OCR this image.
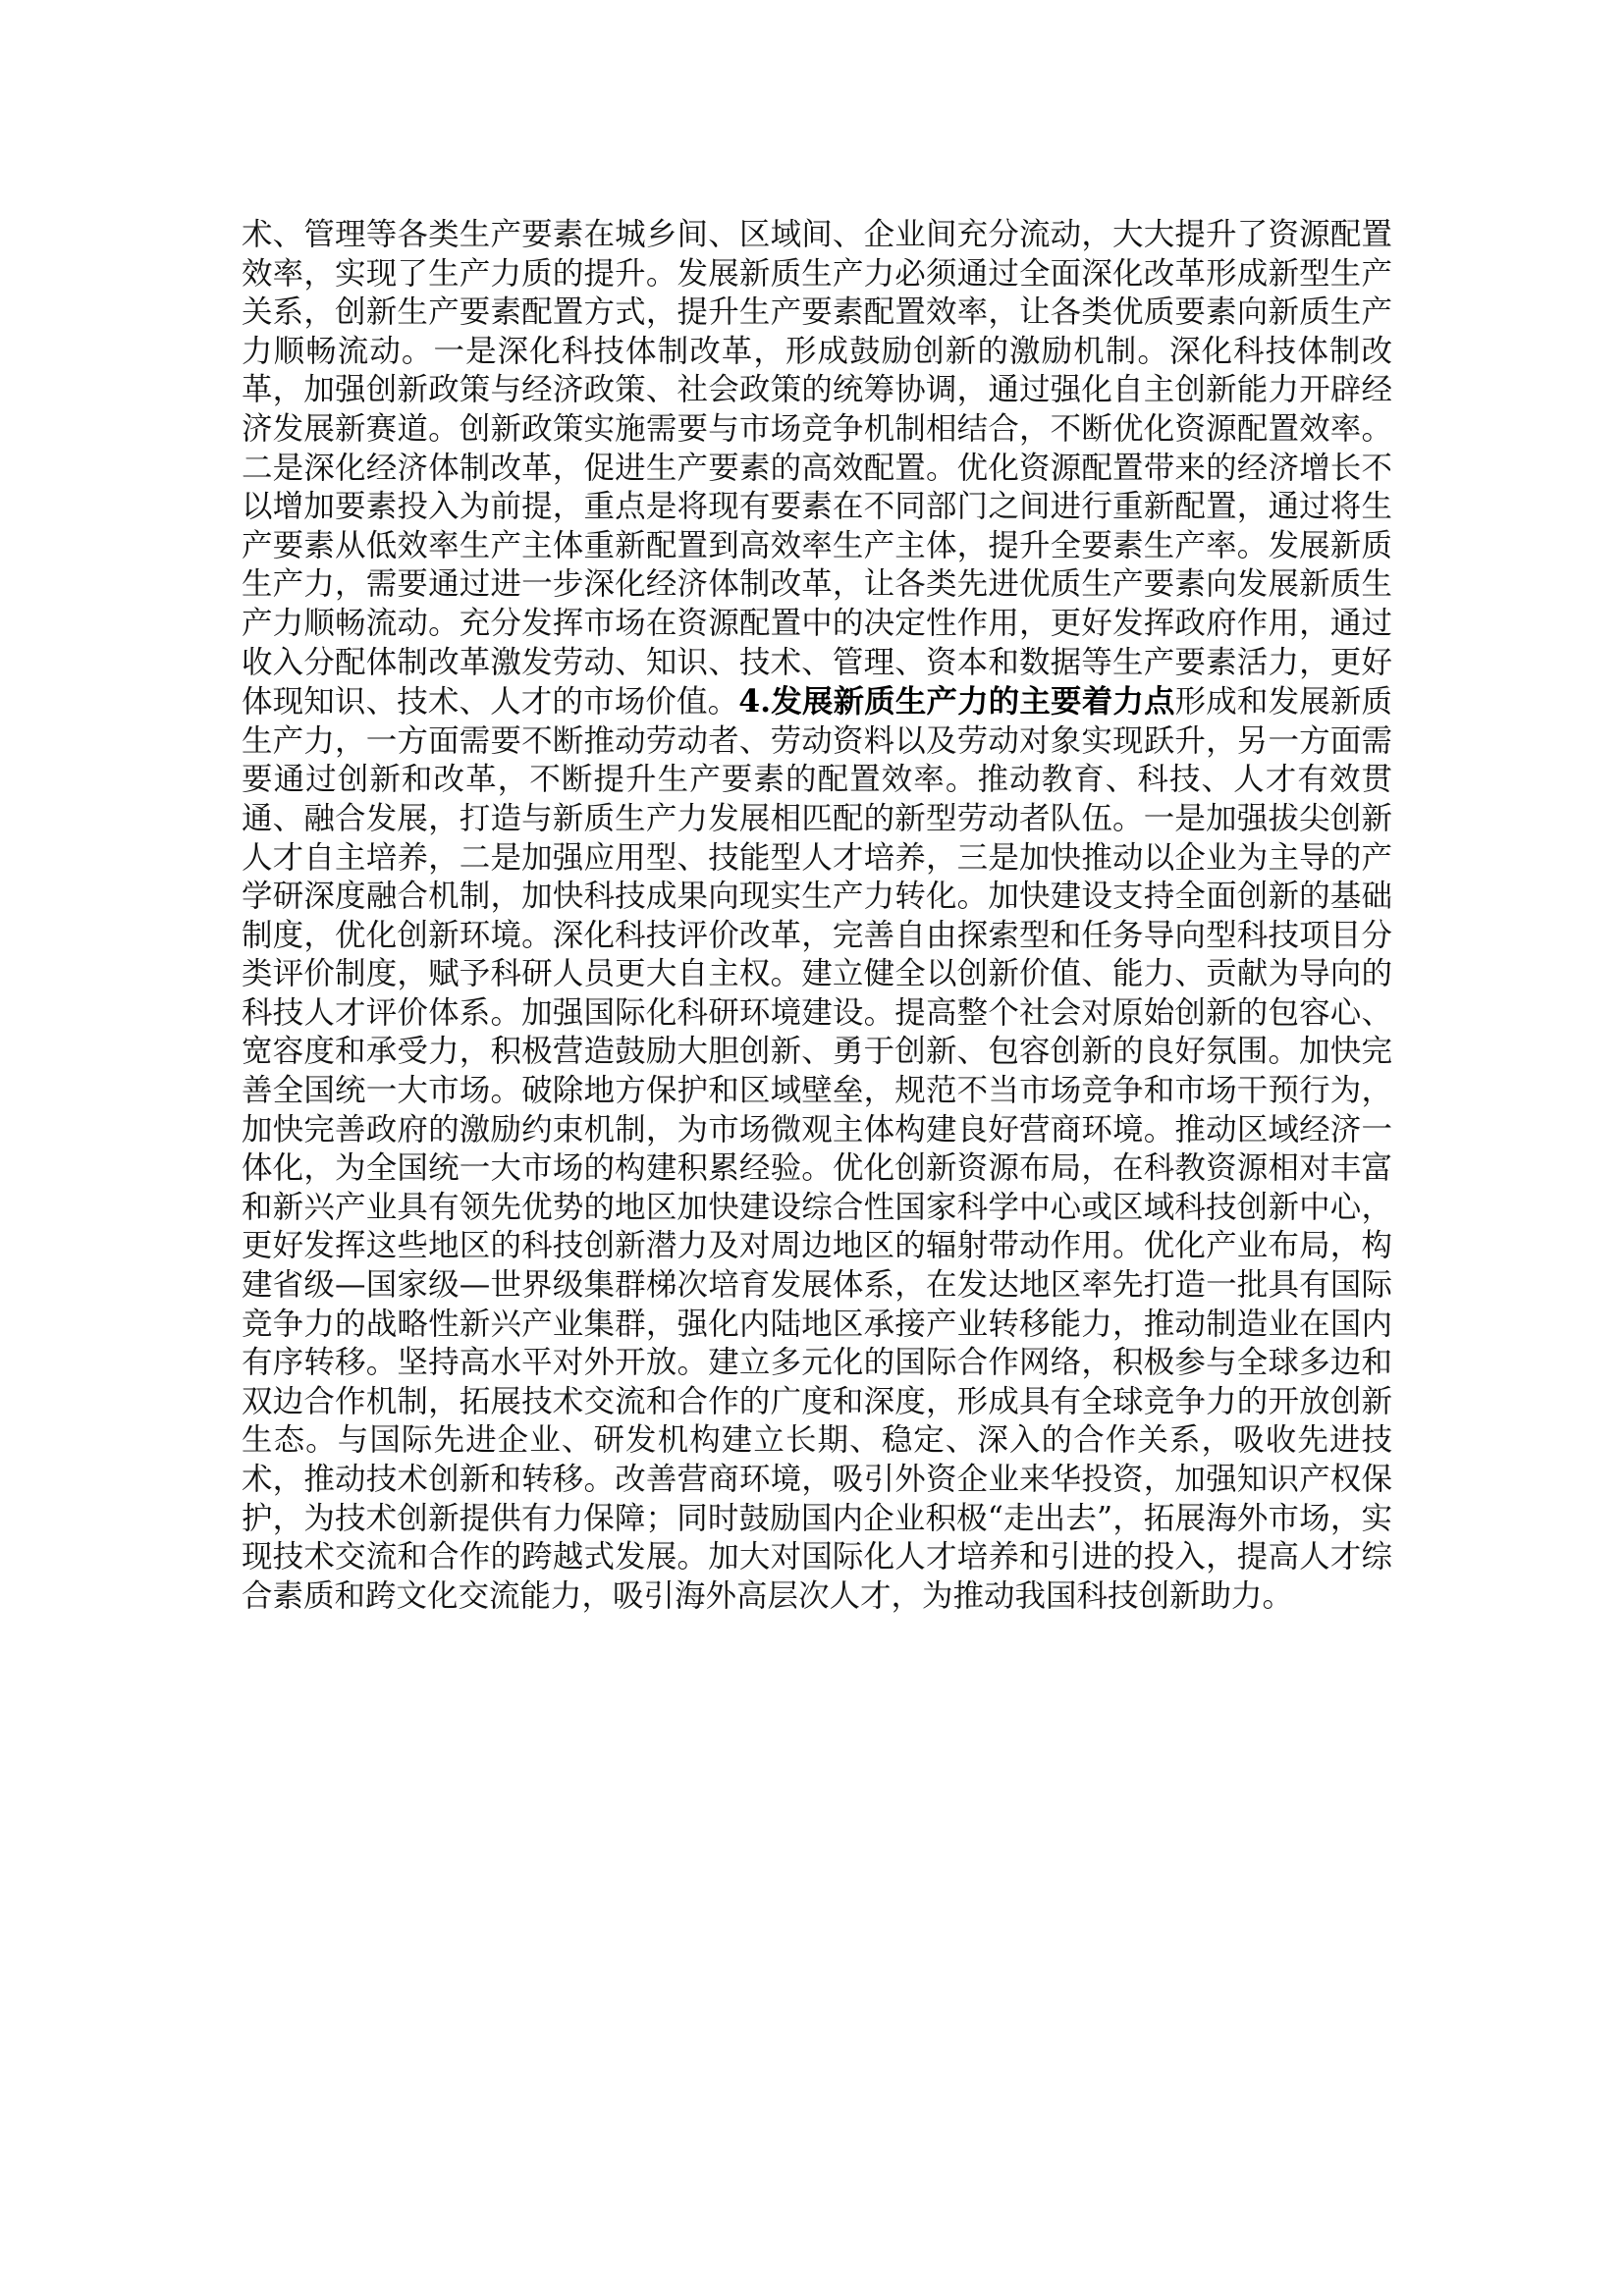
术、管理等各类生产要素在城乡间、区域间、企业间充分流动，大大提升了资源配置效率，实现了生产力质的提升。发展新质生产力必须通过全面深化改革形成新型生产关系，创新生产要素配置方式，提升生产要素配置效率，让各类优质要素向新质生产力顺畅流动。一是深化科技体制改革，形成鼓励创新的激励机制。深化科技体制改革，加强创新政策与经济政策、社会政策的统筹协调，通过强化自主创新能力开辟经济发展新赛道。创新政策实施需要与市场竞争机制相结合，不断优化资源配置效率。二是深化经济体制改革，促进生产要素的高效配置。优化资源配置带来的经济增长不以增加要素投入为前提，重点是将现有要素在不同部门之间进行重新配置，通过将生产要素从低效率生产主体重新配置到高效率生产主体，提升全要素生产率。发展新质生产力，需要通过进一步深化经济体制改革，让各类先进优质生产要素向发展新质生产力顺畅流动。充分发挥市场在资源配置中的决定性作用，更好发挥政府作用，通过收入分配体制改革激发劳动、知识、技术、管理、资本和数据等生产要素活力，更好体现知识、技术、人才的市场价值。4.发展新质生产力的主要着力点形成和发展新质生产力，一方面需要不断推动劳动者、劳动资料以及劳动对象实现跃升，另一方面需要通过创新和改革，不断提升生产要素的配置效率。推动教育、科技、人才有效贯通、融合发展，打造与新质生产力发展相匹配的新型劳动者队伍。一是加强拔尖创新人才自主培养，二是加强应用型、技能型人才培养，三是加快推动以企业为主导的产学研深度融合机制，加快科技成果向现实生产力转化。加快建设支持全面创新的基础制度，优化创新环境。深化科技评价改革，完善自由探索型和任务导向型科技项目分类评价制度，赋予科研人员更大自主权。建立健全以创新价值、能力、贡献为导向的科技人才评价体系。加强国际化科研环境建设。提高整个社会对原始创新的包容心、宽容度和承受力，积极营造鼓励大胆创新、勇于创新、包容创新的良好氛围。加快完善全国统一大市场。破除地方保护和区域壁垒，规范不当市场竞争和市场干预行为，加快完善政府的激励约束机制，为市场微观主体构建良好营商环境。推动区域经济一体化，为全国统一大市场的构建积累经验。优化创新资源布局，在科教资源相对丰富和新兴产业具有领先优势的地区加快建设综合性国家科学中心或区域科技创新中心，更好发挥这些地区的科技创新潜力及对周边地区的辐射带动作用。优化产业布局，构建省级—国家级—世界级集群梯次培育发展体系，在发达地区率先打造一批具有国际竞争力的战略性新兴产业集群，强化内陆地区承接产业转移能力，推动制造业在国内有序转移。坚持高水平对外开放。建立多元化的国际合作网络，积极参与全球多边和双边合作机制，拓展技术交流和合作的广度和深度，形成具有全球竞争力的开放创新生态。与国际先进企业、研发机构建立长期、稳定、深入的合作关系，吸收先进技术，推动技术创新和转移。改善营商环境，吸引外资企业来华投资，加强知识产权保护，为技术创新提供有力保障；同时鼓励国内企业积极“走出去”，拓展海外市场，实现技术交流和合作的跨越式发展。加大对国际化人才培养和引进的投入，提高人才综合素质和跨文化交流能力，吸引海外高层次人才，为推动我国科技创新助力。
